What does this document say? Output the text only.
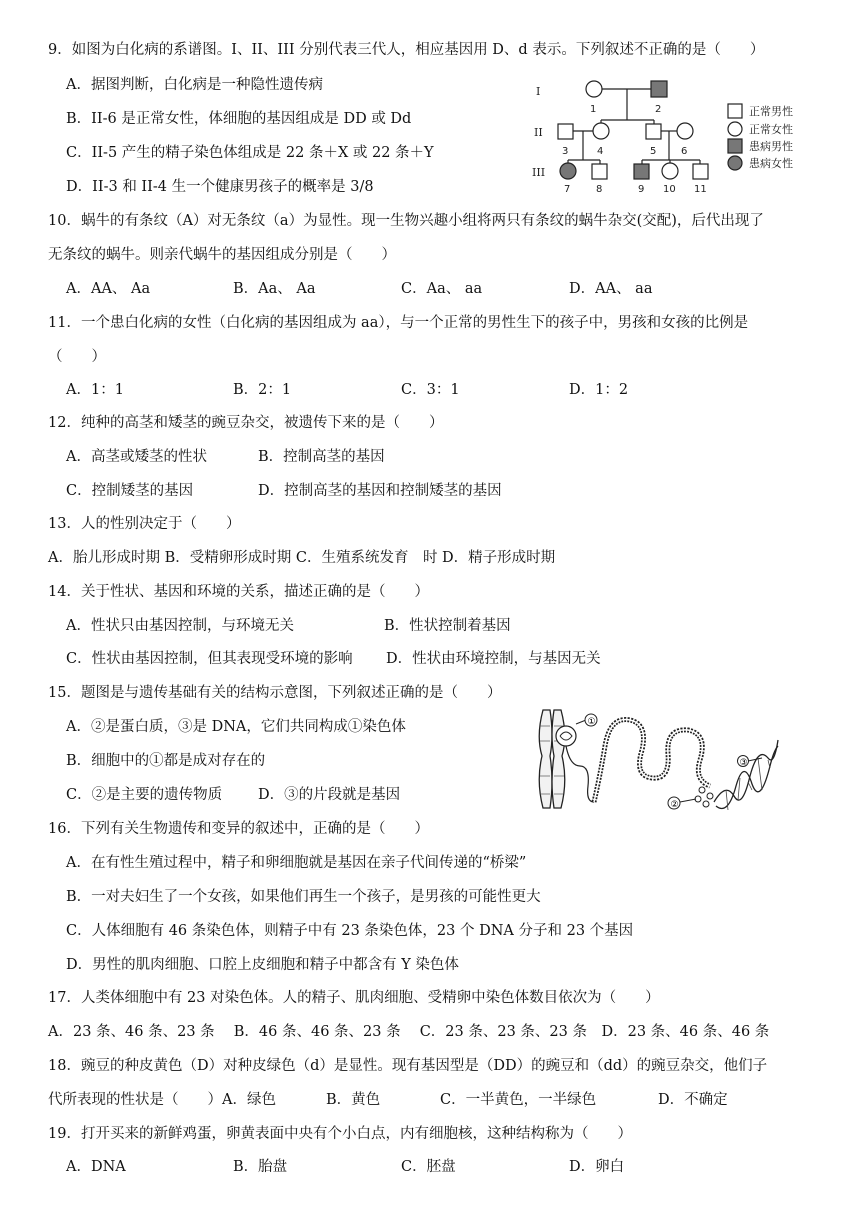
9．如图为白化病的系谱图。I、II、III 分别代表三代人，相应基因用 D、d 表示。下列叙述不正确的是（　　）
A．据图判断，白化病是一种隐性遗传病
B．II-6 是正常女性，体细胞的基因组成是 DD 或 Dd
C．II-5 产生的精子染色体组成是 22 条＋X 或 22 条＋Y
D．II-3 和 II-4 生一个健康男孩子的概率是 3/8
I
II
III
1	2
3	4	5 6
7	8	9 10 11
正常男性
正常女性
患病男性
患病女性
10．蜗牛的有条纹（A）对无条纹（a）为显性。现一生物兴趣小组将两只有条纹的蜗牛杂交(交配)，后代出现了
无条纹的蜗牛。则亲代蜗牛的基因组成分别是（　　）
A．AA、 Aa	B．Aa、 Aa	C．Aa、 aa	D．AA、 aa
11．一个患白化病的女性（白化病的基因组成为 aa），与一个正常的男性生下的孩子中，男孩和女孩的比例是
（　　）
A．1：1	B．2：1	C．3：1	D．1：2
12．纯种的高茎和矮茎的豌豆杂交，被遗传下来的是（　　）
A．高茎或矮茎的性状	B．控制高茎的基因
C．控制矮茎的基因	D．控制高茎的基因和控制矮茎的基因
13．人的性别决定于（　　）
A．胎儿形成时期 B．受精卵形成时期 C．生殖系统发育　时 D．精子形成时期
14．关于性状、基因和环境的关系，描述正确的是（　　）
A．性状只由基因控制，与环境无关	B．性状控制着基因
C．性状由基因控制，但其表现受环境的影响 D．性状由环境控制，与基因无关
15．题图是与遗传基础有关的结构示意图，下列叙述正确的是（　　）
A．②是蛋白质，③是 DNA，它们共同构成①染色体
B．细胞中的①都是成对存在的
C．②是主要的遗传物质 D．③的片段就是基因
①
②
③
16．下列有关生物遗传和变异的叙述中，正确的是（　　）
A．在有性生殖过程中，精子和卵细胞就是基因在亲子代间传递的“桥梁”
B．一对夫妇生了一个女孩，如果他们再生一个孩子，是男孩的可能性更大
C．人体细胞有 46 条染色体，则精子中有 23 条染色体，23 个 DNA 分子和 23 个基因
D．男性的肌肉细胞、口腔上皮细胞和精子中都含有 Y 染色体
17．人类体细胞中有 23 对染色体。人的精子、肌肉细胞、受精卵中染色体数目依次为（　　）
A．23 条、46 条、23 条　 B．46 条、46 条、23 条　 C．23 条、23 条、23 条　D．23 条、46 条、46 条
18．豌豆的种皮黄色（D）对种皮绿色（d）是显性。现有基因型是（DD）的豌豆和（dd）的豌豆杂交，他们子
代所表现的性状是（　　）A．绿色	B．黄色	C．一半黄色，一半绿色	D．不确定
19．打开买来的新鲜鸡蛋，卵黄表面中央有个小白点，内有细胞核，这种结构称为（　　）
A．DNA	B．胎盘	C．胚盘	D．卵白
